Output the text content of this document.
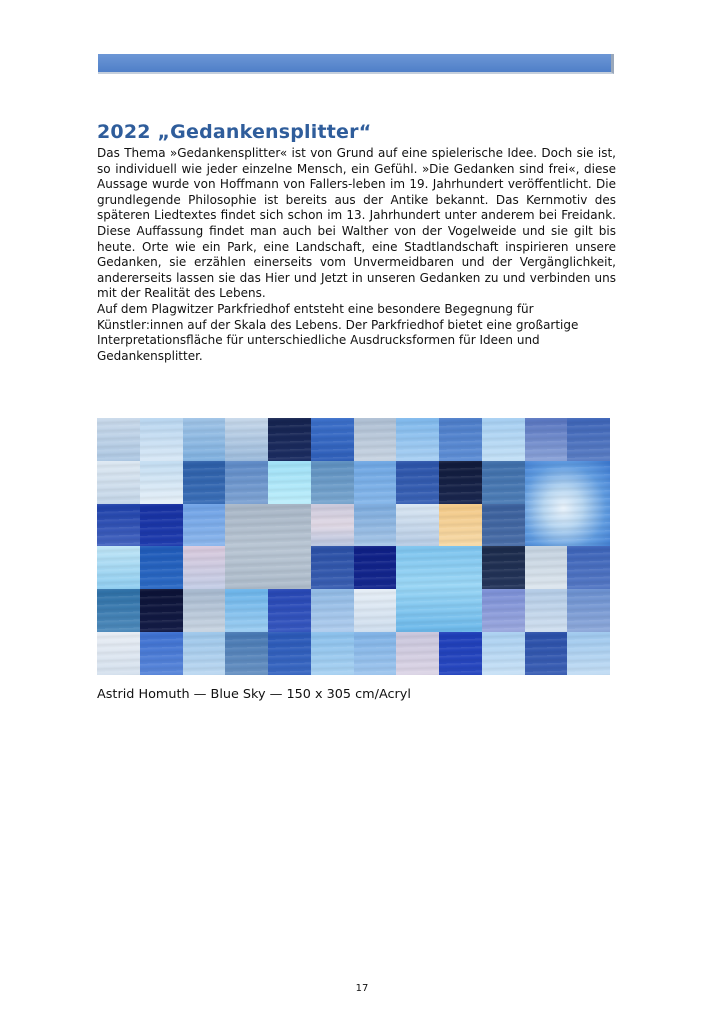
2022 „Gedankensplitter“

Das Thema »Gedankensplitter« ist von Grund auf eine spielerische Idee. Doch sie ist, so individuell wie jeder einzelne Mensch, ein Gefühl. »Die Gedanken sind frei«, diese Aussage wurde von Hoffmann von Fallers-leben im 19. Jahrhundert veröffentlicht. Die grundlegende Philosophie ist bereits aus der Antike bekannt. Das Kernmotiv des späteren Liedtextes findet sich schon im 13. Jahrhundert unter anderem bei Freidank. Diese Auffassung findet man auch bei Walther von der Vogelweide und sie gilt bis heute. Orte wie ein Park, eine Landschaft, eine Stadtlandschaft inspirieren unsere Gedanken, sie erzählen einerseits vom Unvermeidbaren und der Vergänglichkeit, andererseits lassen sie das Hier und Jetzt in unseren Gedanken zu und verbinden uns mit der Realität des Lebens.

Auf dem Plagwitzer Parkfriedhof entsteht eine besondere Begegnung für Künstler:innen auf der Skala des Lebens. Der Parkfriedhof bietet eine großartige Interpretationsfläche für unterschiedliche Ausdrucksformen für Ideen und Gedankensplitter.

Astrid Homuth — Blue Sky — 150 x 305 cm/Acryl

17
